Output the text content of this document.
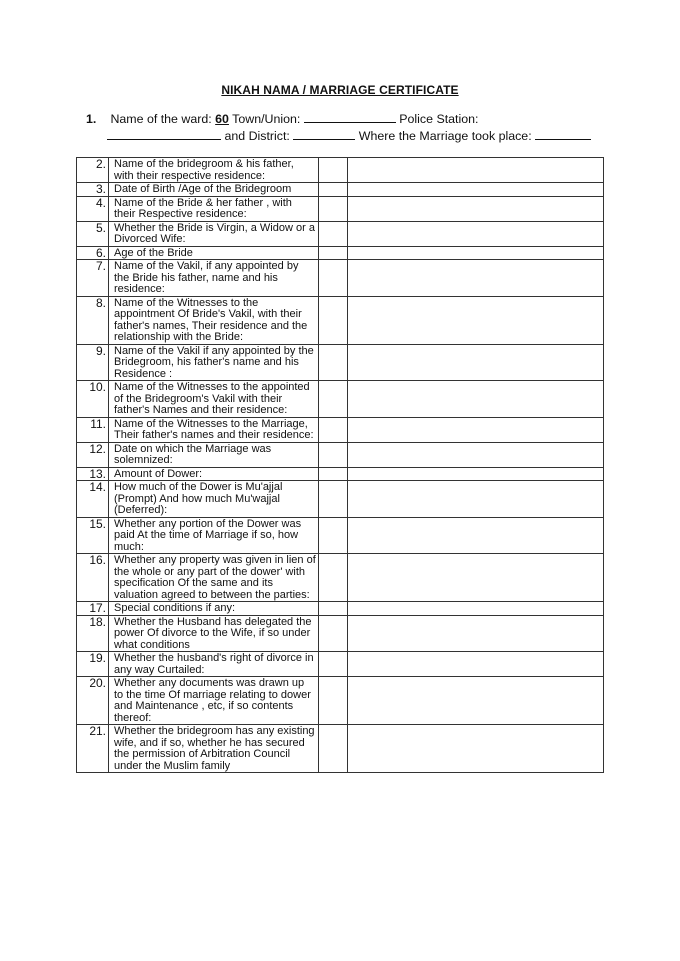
NIKAH NAMA / MARRIAGE CERTIFICATE
1. Name of the ward: 60 Town/Union:	Police Station:
and District:	Where the Marriage took place:
2.	Name of the bridegroom & his father, with their respective residence:		
3.	Date of Birth /Age of the Bridegroom		
4.	Name of the Bride & her father , with their Respective residence:		
5.	Whether the Bride is Virgin, a Widow or a Divorced Wife:		
6.	Age of the Bride		
7.	Name of the Vakil, if any appointed by the Bride his father, name and his residence:		
8.	Name of the Witnesses to the appointment Of Bride's Vakil, with their father's names, Their residence and the relationship with the Bride:		
9.	Name of the Vakil if any appointed by the Bridegroom, his father's name and his Residence :		
10.	Name of the Witnesses to the appointed of the Bridegroom's Vakil with their father's Names and their residence:		
11.	Name of the Witnesses to the Marriage, Their father's names and their residence:		
12.	Date on which the Marriage was solemnized:		
13.	Amount of Dower:		
14.	How much of the Dower is Mu'ajjal (Prompt) And how much Mu'wajjal (Deferred):		
15.	Whether any portion of the Dower was paid At the time of Marriage if so, how much:		
16.	Whether any property was given in lien of the whole or any part of the dower' with specification Of the same and its valuation agreed to between the parties:		
17.	Special conditions if any:		
18.	Whether the Husband has delegated the power Of divorce to the Wife, if so under what conditions		
19.	Whether the husband's right of divorce in any way Curtailed:		
20.	Whether any documents was drawn up to the time Of marriage relating to dower and Maintenance , etc, if so contents thereof:		
21.	Whether the bridegroom has any existing wife, and if so, whether he has secured the permission of Arbitration Council under the Muslim family		
